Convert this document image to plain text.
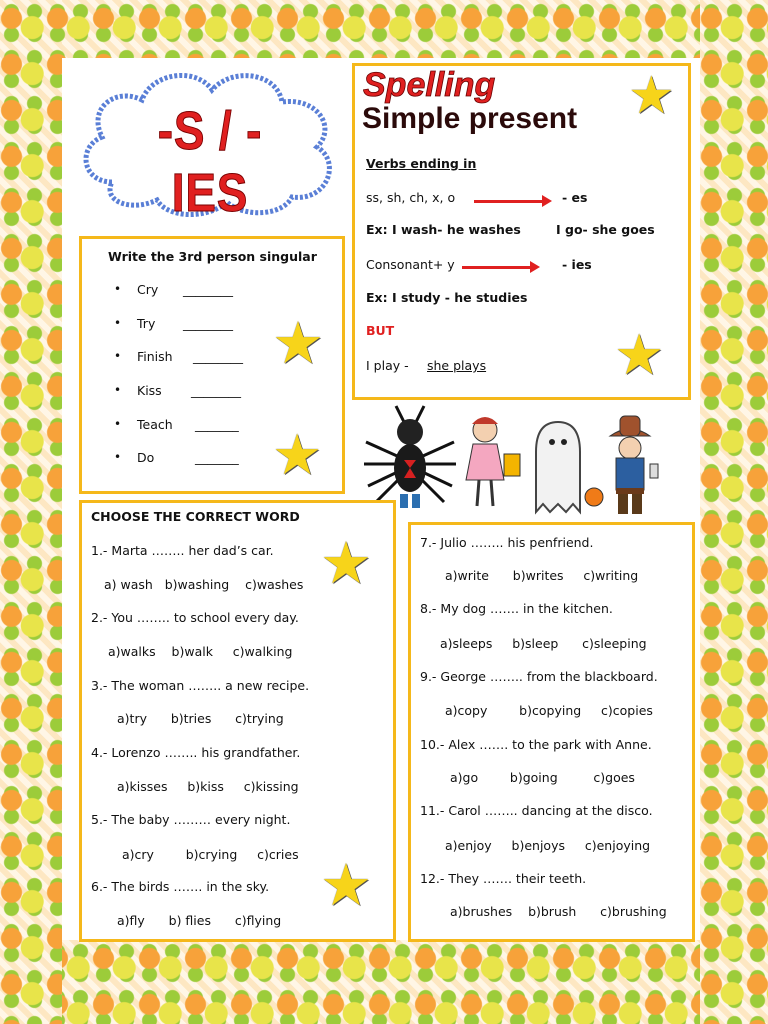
-S / -IES
Spelling
Simple present
Verbs ending in
ss, sh, ch, x, o	- es
Ex: I wash- he washes	I go- she goes
Consonant+ y	- ies
Ex: I study - he studies
BUT
I play - she plays
★
★
Write the 3rd person singular
• Cry ________
• Try ________
• Finish ________
• Kiss ________
• Teach _______
• Do	_______
★
★
CHOOSE THE CORRECT WORD
1.- Marta …….. her dad’s car.
a) wash   b)washing    c)washes
2.- You …….. to school every day.
a)walks    b)walk     c)walking
3.- The woman …….. a new recipe.
a)try      b)tries      c)trying
4.- Lorenzo …….. his grandfather.
a)kisses     b)kiss     c)kissing
5.- The baby ……… every night.
a)cry        b)crying     c)cries
6.- The birds ……. in the sky.
a)fly      b) flies      c)flying
★
★
7.- Julio …….. his penfriend.
a)write      b)writes     c)writing
8.- My dog ……. in the kitchen.
a)sleeps     b)sleep      c)sleeping
9.- George …….. from the blackboard.
a)copy        b)copying     c)copies
10.- Alex ……. to the park with Anne.
a)go        b)going         c)goes
11.- Carol …….. dancing at the disco.
a)enjoy     b)enjoys     c)enjoying
12.- They ……. their teeth.
a)brushes    b)brush      c)brushing
